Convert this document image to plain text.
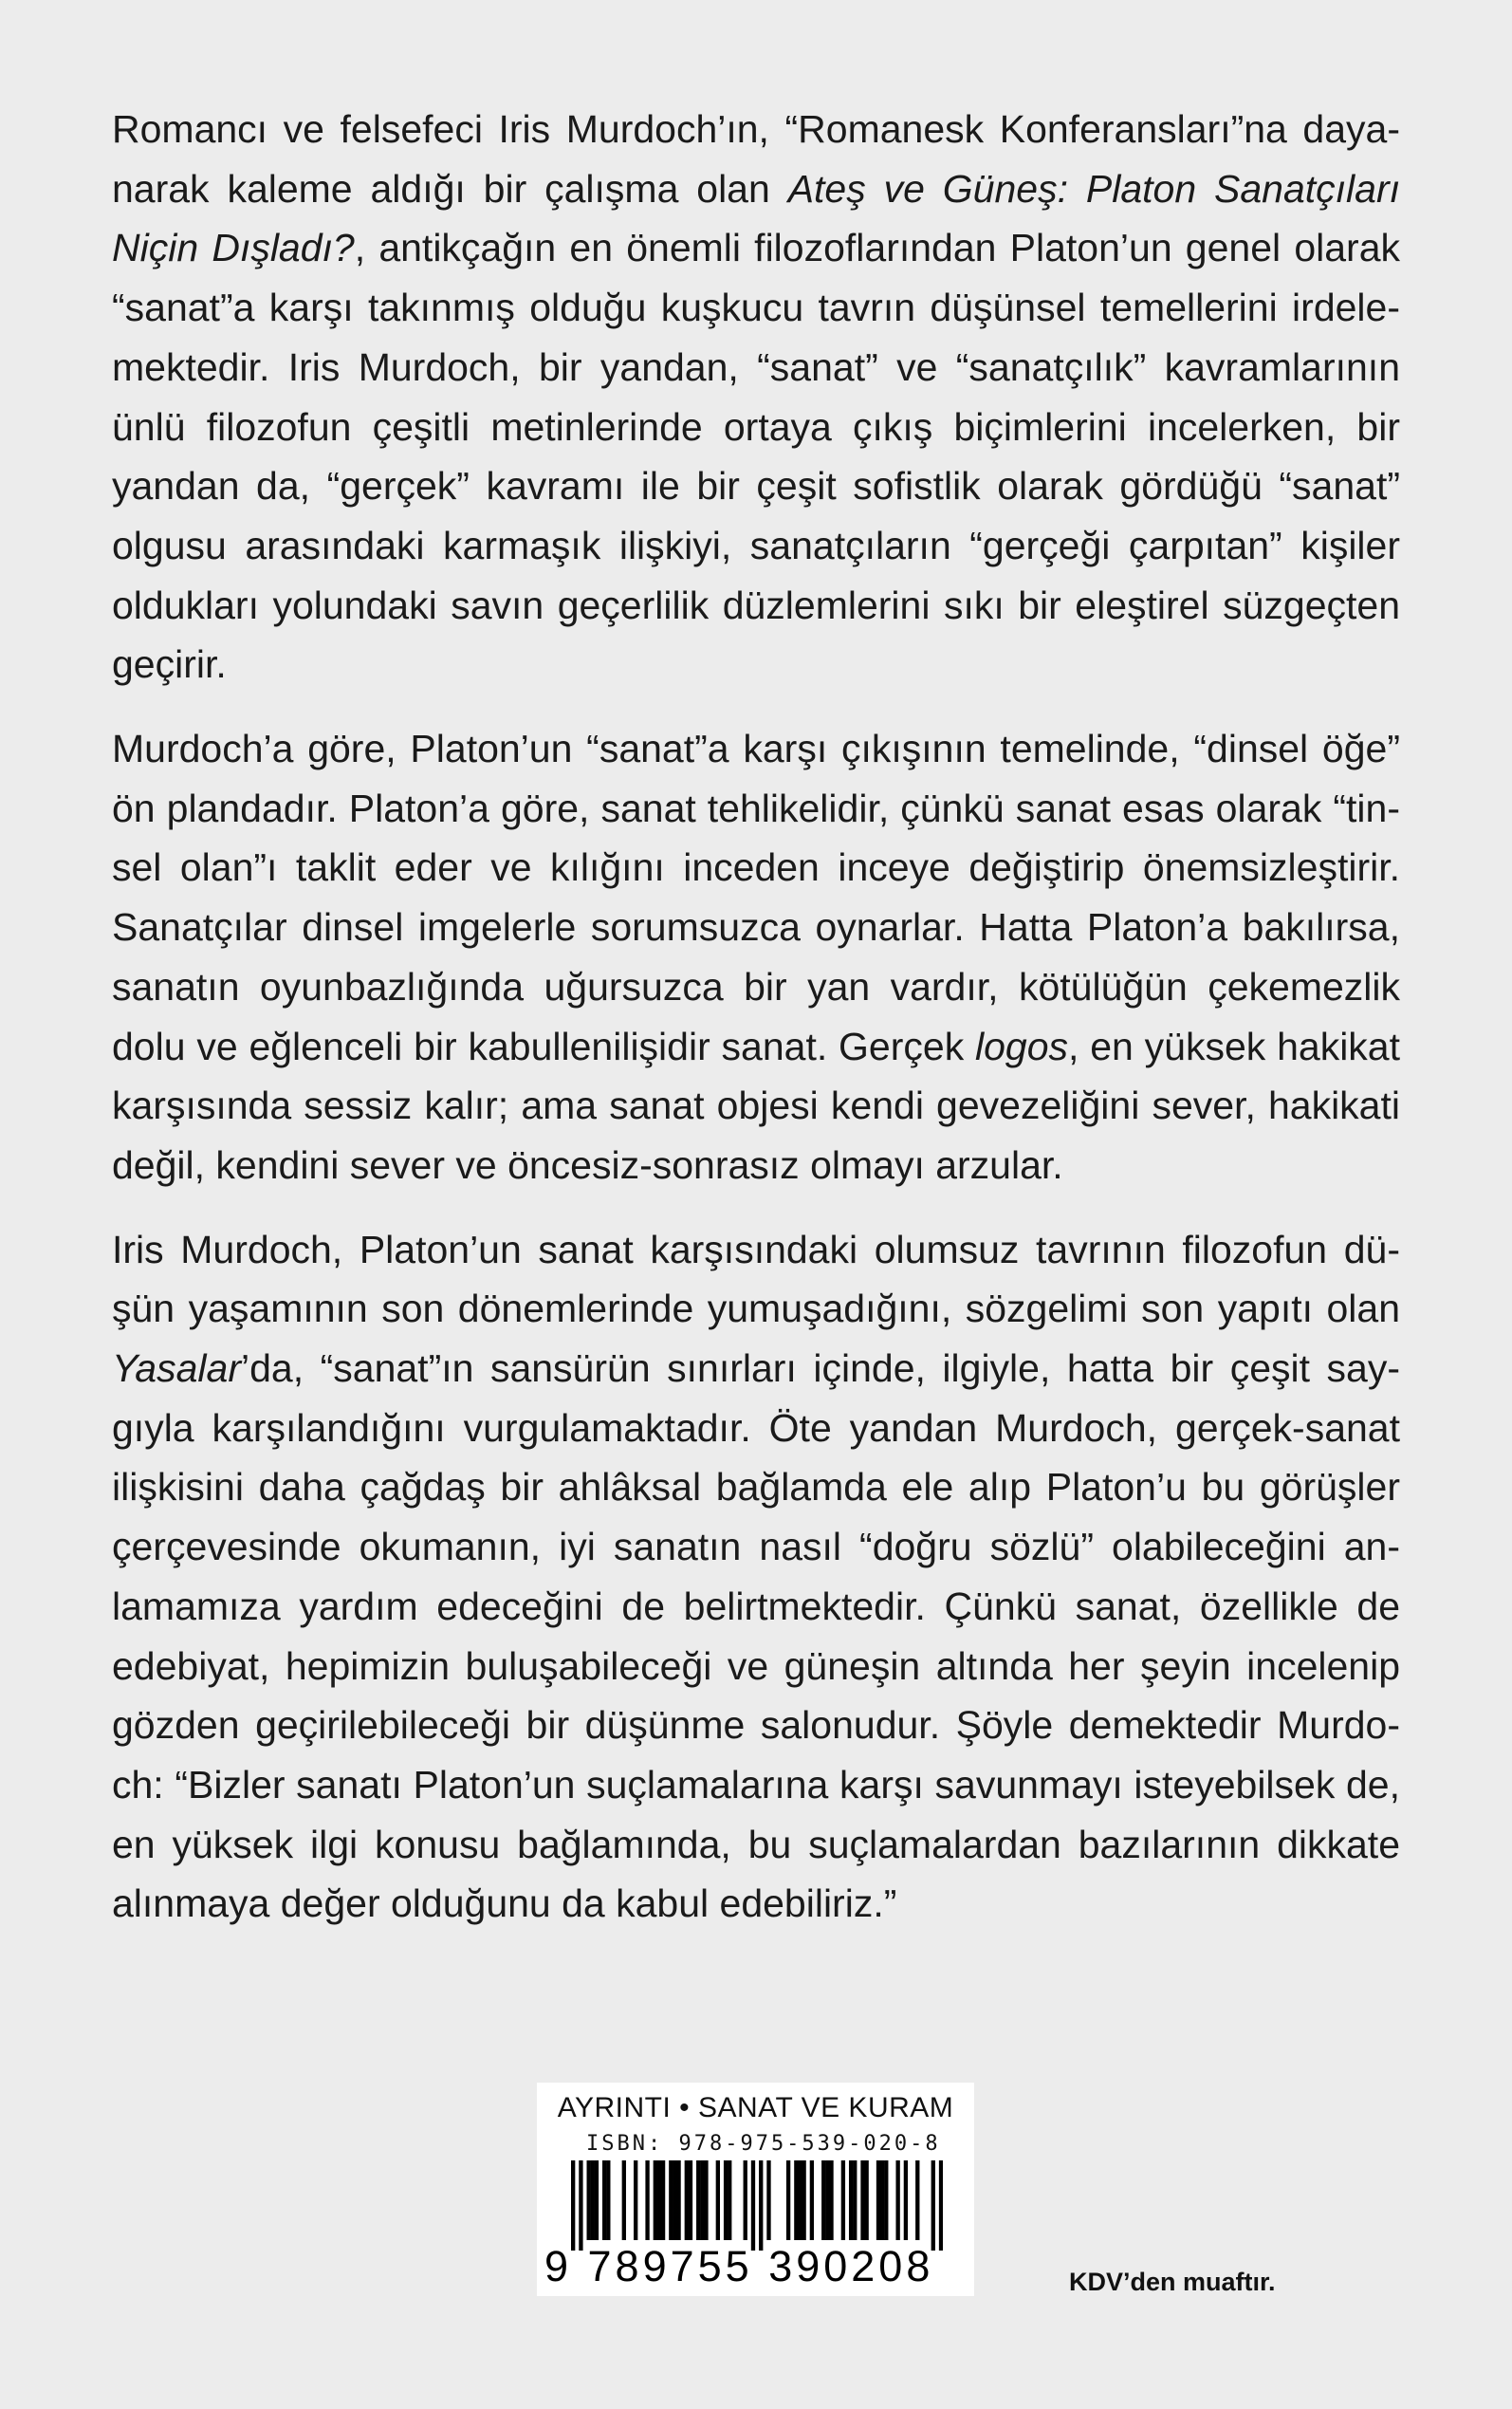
Romancı ve felsefeci Iris Murdoch’ın, “Romanesk Konferansları”na dayanarak kaleme aldığı bir çalışma olan Ateş ve Güneş: Platon Sanatçıları Niçin Dışladı?, antikçağın en önemli filozoflarından Platon’un genel olarak “sanat”a karşı takınmış olduğu kuşkucu tavrın düşünsel temellerini irdelemektedir. Iris Murdoch, bir yandan, “sanat” ve “sanatçılık” kavramlarının ünlü filozofun çeşitli metinlerinde ortaya çıkış biçimlerini incelerken, bir yandan da, “gerçek” kavramı ile bir çeşit sofistlik olarak gördüğü “sanat” olgusu arasındaki karmaşık ilişkiyi, sanatçıların “gerçeği çarpıtan” kişiler oldukları yolundaki savın geçerlilik düzlemlerini sıkı bir eleştirel süzgeçten geçirir.

Murdoch’a göre, Platon’un “sanat”a karşı çıkışının temelinde, “dinsel öğe” ön plandadır. Platon’a göre, sanat tehlikelidir, çünkü sanat esas olarak “tinsel olan”ı taklit eder ve kılığını inceden inceye değiştirip önemsizleştirir. Sanatçılar dinsel imgelerle sorumsuzca oynarlar. Hatta Platon’a bakılırsa, sanatın oyunbazlığında uğursuzca bir yan vardır, kötülüğün çekemezlik dolu ve eğlenceli bir kabullenilişidir sanat. Gerçek logos, en yüksek hakikat karşısında sessiz kalır; ama sanat objesi kendi gevezeliğini sever, hakikati değil, kendini sever ve öncesiz-sonrasız olmayı arzular.

Iris Murdoch, Platon’un sanat karşısındaki olumsuz tavrının filozofun düşün yaşamının son dönemlerinde yumuşadığını, sözgelimi son yapıtı olan Yasalar’da, “sanat”ın sansürün sınırları içinde, ilgiyle, hatta bir çeşit saygıyla karşılandığını vurgulamaktadır. Öte yandan Murdoch, gerçek-sanat ilişkisini daha çağdaş bir ahlâksal bağlamda ele alıp Platon’u bu görüşler çerçevesinde okumanın, iyi sanatın nasıl “doğru sözlü” olabileceğini anlamamıza yardım edeceğini de belirtmektedir. Çünkü sanat, özellikle de edebiyat, hepimizin buluşabileceği ve güneşin altında her şeyin incelenip gözden geçirilebileceği bir düşünme salonudur. Şöyle demektedir Murdoch: “Bizler sanatı Platon’un suçlamalarına karşı savunmayı isteyebilsek de, en yüksek ilgi konusu bağlamında, bu suçlamalardan bazılarının dikkate alınmaya değer olduğunu da kabul edebiliriz.”

AYRINTI • SANAT VE KURAM
ISBN: 978-975-539-020-8
9 789755 390208	KDV’den muaftır.
